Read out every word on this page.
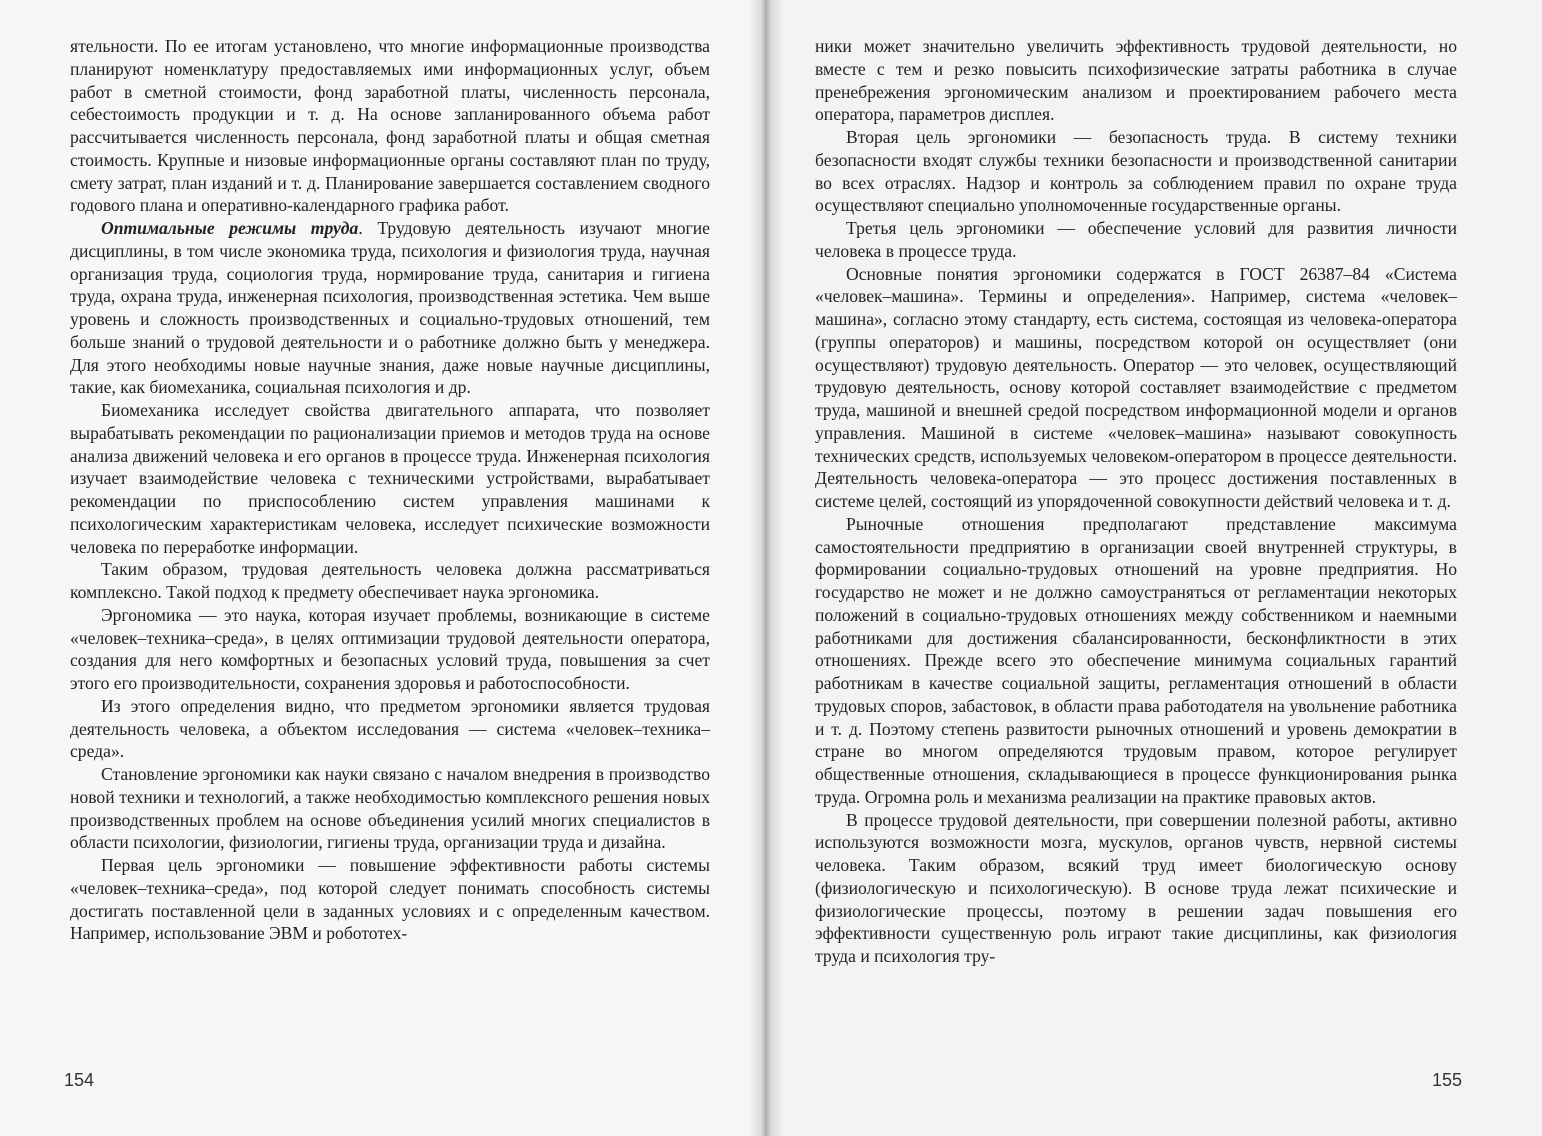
ятельности. По ее итогам установлено, что многие информационные производства планируют номенклатуру предоставляемых ими информационных услуг, объем работ в сметной стоимости, фонд заработной платы, численность персонала, себестоимость продукции и т. д. На основе запланированного объема работ рассчитывается численность персонала, фонд заработной платы и общая сметная стоимость. Крупные и низовые информационные органы составляют план по труду, смету затрат, план изданий и т. д. Планирование завершается составлением сводного годового плана и оперативно-календарного графика работ.

Оптимальные режимы труда. Трудовую деятельность изучают многие дисциплины, в том числе экономика труда, психология и физиология труда, научная организация труда, социология труда, нормирование труда, санитария и гигиена труда, охрана труда, инженерная психология, производственная эстетика. Чем выше уровень и сложность производственных и социально-трудовых отношений, тем больше знаний о трудовой деятельности и о работнике должно быть у менеджера. Для этого необходимы новые научные знания, даже новые научные дисциплины, такие, как биомеханика, социальная психология и др.

Биомеханика исследует свойства двигательного аппарата, что позволяет вырабатывать рекомендации по рационализации приемов и методов труда на основе анализа движений человека и его органов в процессе труда. Инженерная психология изучает взаимодействие человека с техническими устройствами, вырабатывает рекомендации по приспособлению систем управления машинами к психологическим характеристикам человека, исследует психические возможности человека по переработке информации.

Таким образом, трудовая деятельность человека должна рассматриваться комплексно. Такой подход к предмету обеспечивает наука эргономика.

Эргономика — это наука, которая изучает проблемы, возникающие в системе «человек–техника–среда», в целях оптимизации трудовой деятельности оператора, создания для него комфортных и безопасных условий труда, повышения за счет этого его производительности, сохранения здоровья и работоспособности.

Из этого определения видно, что предметом эргономики является трудовая деятельность человека, а объектом исследования — система «человек–техника–среда».

Становление эргономики как науки связано с началом внедрения в производство новой техники и технологий, а также необходимостью комплексного решения новых производственных проблем на основе объединения усилий многих специалистов в области психологии, физиологии, гигиены труда, организации труда и дизайна.

Первая цель эргономики — повышение эффективности работы системы «человек–техника–среда», под которой следует понимать способность системы достигать поставленной цели в заданных условиях и с определенным качеством. Например, использование ЭВМ и робототех-

ники может значительно увеличить эффективность трудовой деятельности, но вместе с тем и резко повысить психофизические затраты работника в случае пренебрежения эргономическим анализом и проектированием рабочего места оператора, параметров дисплея.

Вторая цель эргономики — безопасность труда. В систему техники безопасности входят службы техники безопасности и производственной санитарии во всех отраслях. Надзор и контроль за соблюдением правил по охране труда осуществляют специально уполномоченные государственные органы.

Третья цель эргономики — обеспечение условий для развития личности человека в процессе труда.

Основные понятия эргономики содержатся в ГОСТ 26387–84 «Система «человек–машина». Термины и определения». Например, система «человек–машина», согласно этому стандарту, есть система, состоящая из человека-оператора (группы операторов) и машины, посредством которой он осуществляет (они осуществляют) трудовую деятельность. Оператор — это человек, осуществляющий трудовую деятельность, основу которой составляет взаимодействие с предметом труда, машиной и внешней средой посредством информационной модели и органов управления. Машиной в системе «человек–машина» называют совокупность технических средств, используемых человеком-оператором в процессе деятельности. Деятельность человека-оператора — это процесс достижения поставленных в системе целей, состоящий из упорядоченной совокупности действий человека и т. д.

Рыночные отношения предполагают представление максимума самостоятельности предприятию в организации своей внутренней структуры, в формировании социально-трудовых отношений на уровне предприятия. Но государство не может и не должно самоустраняться от регламентации некоторых положений в социально-трудовых отношениях между собственником и наемными работниками для достижения сбалансированности, бесконфликтности в этих отношениях. Прежде всего это обеспечение минимума социальных гарантий работникам в качестве социальной защиты, регламентация отношений в области трудовых споров, забастовок, в области права работодателя на увольнение работника и т. д. Поэтому степень развитости рыночных отношений и уровень демократии в стране во многом определяются трудовым правом, которое регулирует общественные отношения, складывающиеся в процессе функционирования рынка труда. Огромна роль и механизма реализации на практике правовых актов.

В процессе трудовой деятельности, при совершении полезной работы, активно используются возможности мозга, мускулов, органов чувств, нервной системы человека. Таким образом, всякий труд имеет биологическую основу (физиологическую и психологическую). В основе труда лежат психические и физиологические процессы, поэтому в решении задач повышения его эффективности существенную роль играют такие дисциплины, как физиология труда и психология тру-

154	155
